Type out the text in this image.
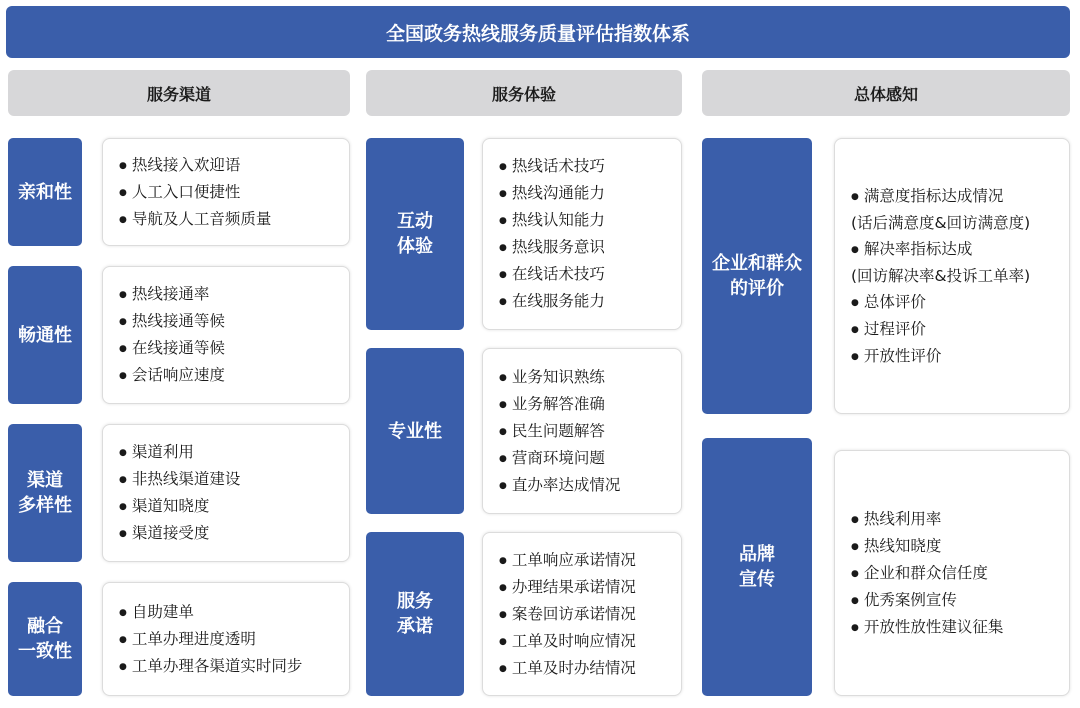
全国政务热线服务质量评估指数体系
服务渠道	服务体验	总体感知
亲和性
● 热线接入欢迎语
● 人工入口便捷性
● 导航及人工音频质量
畅通性
● 热线接通率
● 热线接通等候
● 在线接通等候
● 会话响应速度
渠道
多样性
● 渠道利用
● 非热线渠道建设
● 渠道知晓度
● 渠道接受度
融合
一致性
● 自助建单
● 工单办理进度透明
● 工单办理各渠道实时同步
互动
体验
● 热线话术技巧
● 热线沟通能力
● 热线认知能力
● 热线服务意识
● 在线话术技巧
● 在线服务能力
专业性
● 业务知识熟练
● 业务解答准确
● 民生问题解答
● 营商环境问题
● 直办率达成情况
服务
承诺
● 工单响应承诺情况
● 办理结果承诺情况
● 案卷回访承诺情况
● 工单及时响应情况
● 工单及时办结情况
企业和群众
的评价
● 满意度指标达成情况
(话后满意度&回访满意度)
● 解决率指标达成
(回访解决率&投诉工单率)
● 总体评价
● 过程评价
● 开放性评价
品牌
宣传
● 热线利用率
● 热线知晓度
● 企业和群众信任度
● 优秀案例宣传
● 开放性放性建议征集
